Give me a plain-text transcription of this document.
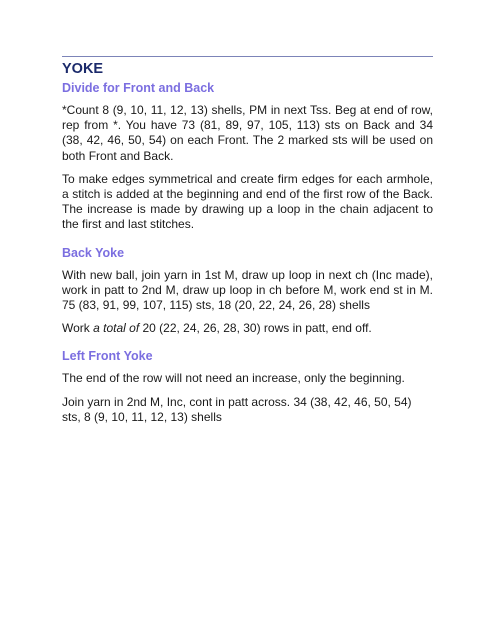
YOKE
Divide for Front and Back

*Count 8 (9, 10, 11, 12, 13) shells, PM in next Tss. Beg at end of row, rep from *. You have 73 (81, 89, 97, 105, 113) sts on Back and 34 (38, 42, 46, 50, 54) on each Front. The 2 marked sts will be used on both Front and Back.

To make edges symmetrical and create firm edges for each armhole, a stitch is added at the beginning and end of the first row of the Back. The increase is made by drawing up a loop in the chain adjacent to the first and last stitches.

Back Yoke

With new ball, join yarn in 1st M, draw up loop in next ch (Inc made), work in patt to 2nd M, draw up loop in ch before M, work end st in M. 75 (83, 91, 99, 107, 115) sts, 18 (20, 22, 24, 26, 28) shells

Work a total of 20 (22, 24, 26, 28, 30) rows in patt, end off.

Left Front Yoke

The end of the row will not need an increase, only the beginning.

Join yarn in 2nd M, Inc, cont in patt across. 34 (38, 42, 46, 50, 54) sts, 8 (9, 10, 11, 12, 13) shells
